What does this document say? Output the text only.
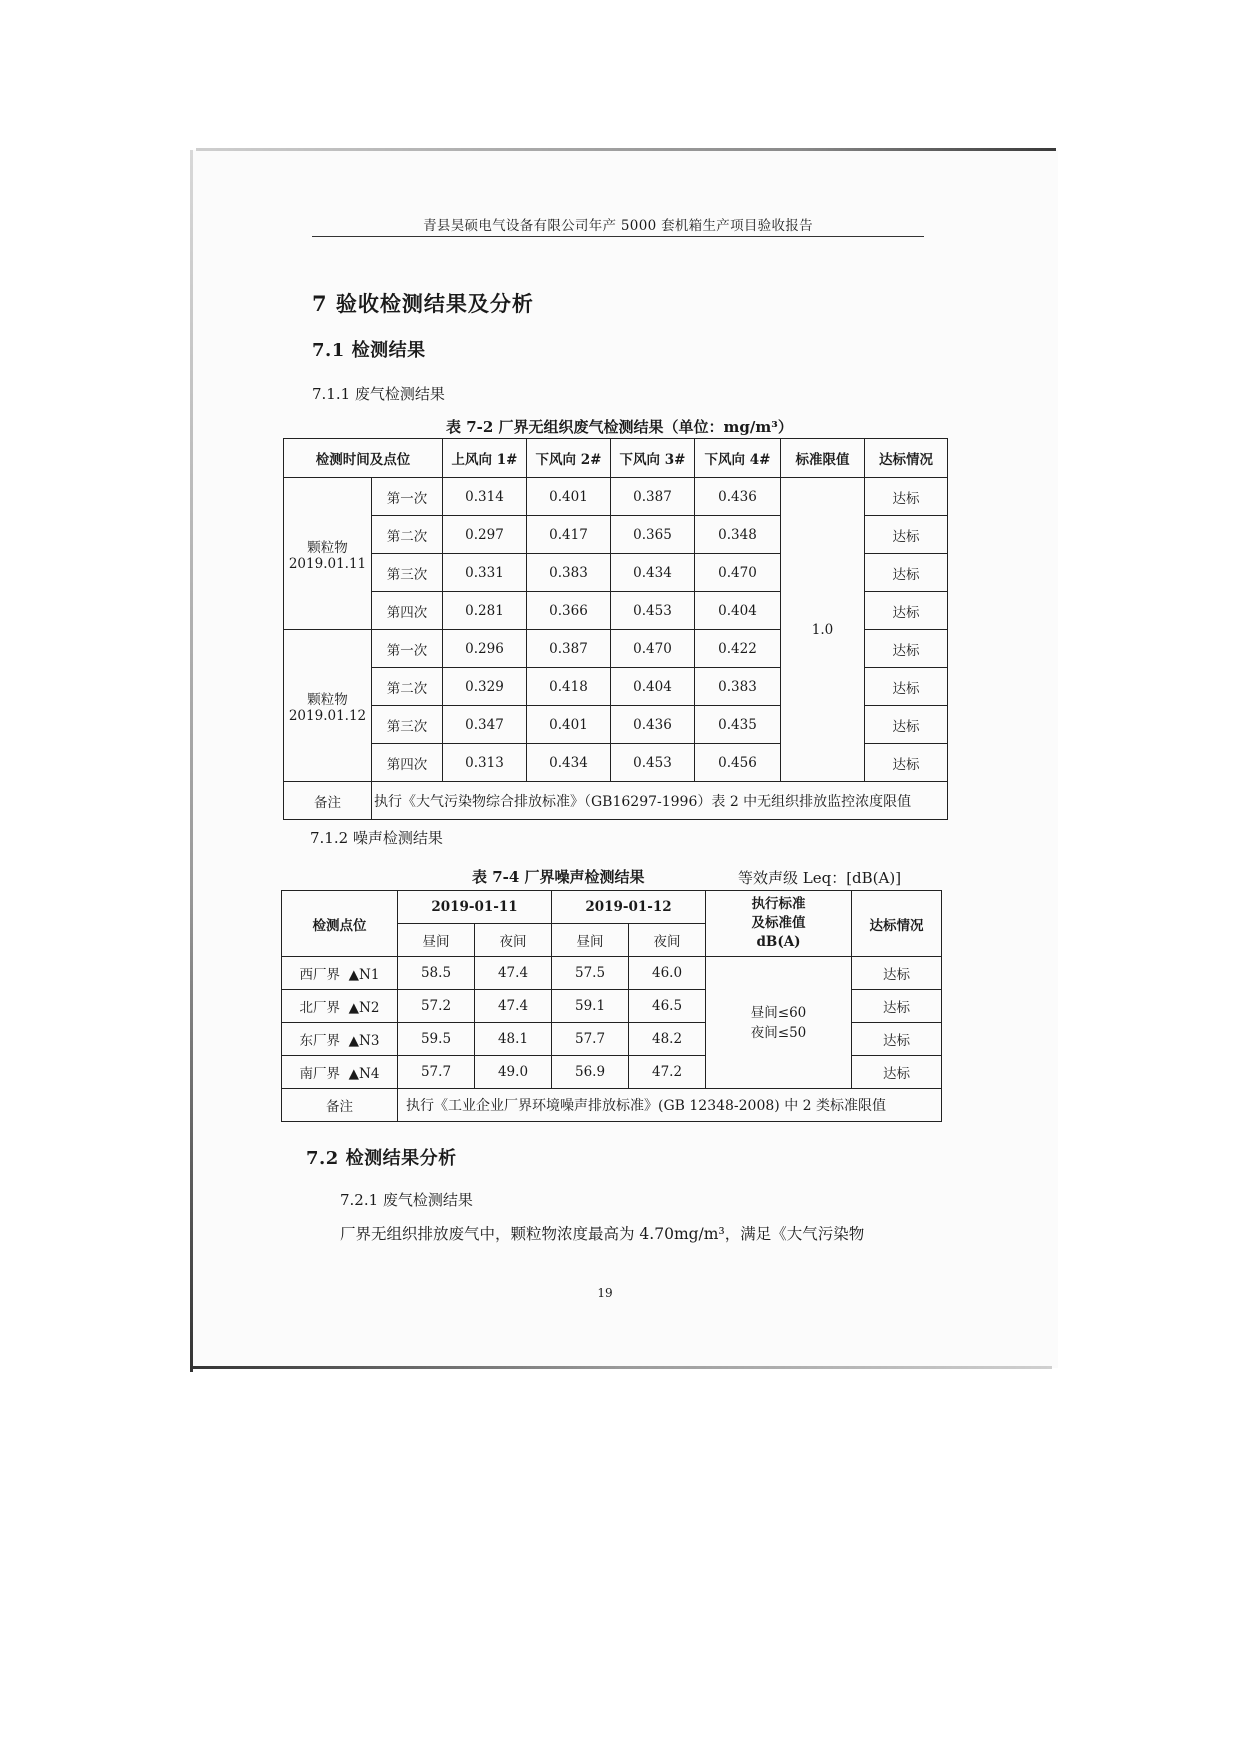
青县昊硕电气设备有限公司年产 5000 套机箱生产项目验收报告
7 验收检测结果及分析
7.1 检测结果
7.1.1 废气检测结果
表 7-2 厂界无组织废气检测结果（单位：mg/m³）
检测时间及点位		上风向 1#	下风向 2#	下风向 3#	下风向 4#	标准限值	达标情况

颗粒物
2019.01.11	第一次	0.314	0.401	0.387	0.436	1.0	达标
	第二次	0.297	0.417	0.365	0.348		达标
	第三次	0.331	0.383	0.434	0.470		达标
	第四次	0.281	0.366	0.453	0.404		达标

颗粒物
2019.01.12	第一次	0.296	0.387	0.470	0.422		达标
	第二次	0.329	0.418	0.404	0.383		达标
	第三次	0.347	0.401	0.436	0.435		达标
	第四次	0.313	0.434	0.453	0.456		达标
备注	执行《大气污染物综合排放标准》（GB16297-1996）表 2 中无组织排放监控浓度限值						
7.1.2 噪声检测结果
表 7-4 厂界噪声检测结果	等效声级 Leq：[dB(A)]
检测点位	2019-01-11		2019-01-12		执行标准
及标准值
dB(A)	达标情况
	昼间	夜间	昼间	夜间		
西厂界 ▲N1	58.5	47.4	57.5	46.0	昼间≤60
夜间≤50	达标
北厂界 ▲N2	57.2	47.4	59.1	46.5		达标
东厂界 ▲N3	59.5	48.1	57.7	48.2		达标
南厂界 ▲N4	57.7	49.0	56.9	47.2		达标
备注	执行《工业企业厂界环境噪声排放标准》(GB 12348-2008) 中 2 类标准限值					
7.2 检测结果分析
7.2.1 废气检测结果
厂界无组织排放废气中，颗粒物浓度最高为 4.70mg/m³，满足《大气污染物
19
